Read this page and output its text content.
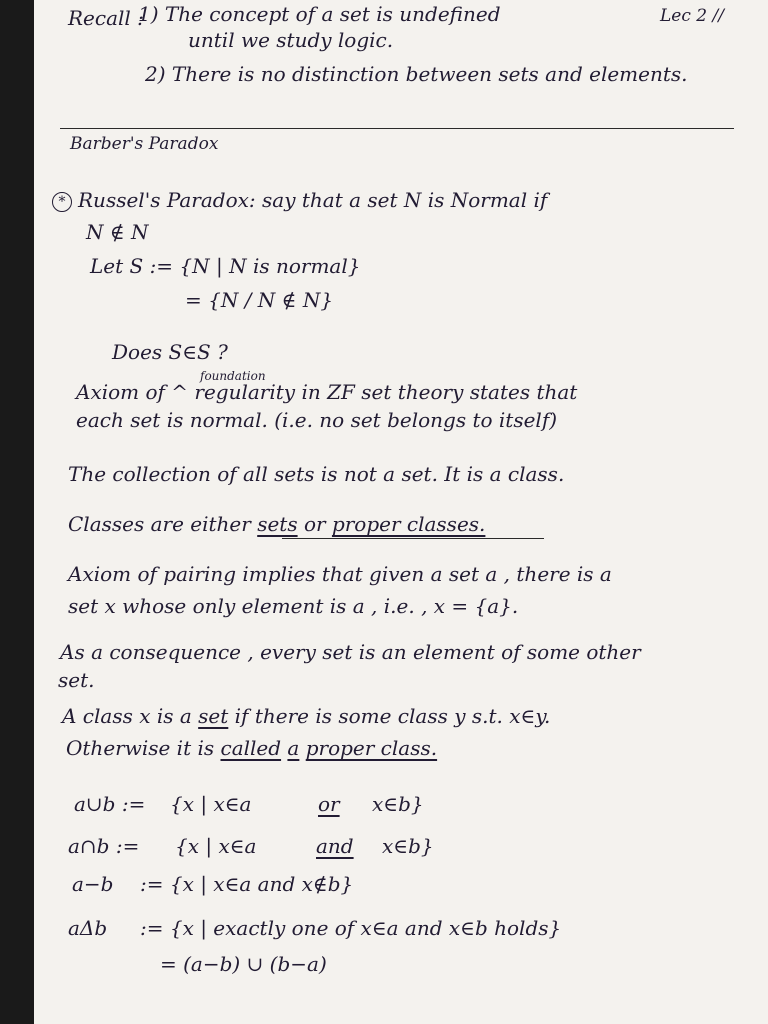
Recall :
1) The concept of a set is undefined	Lec 2 //
until we study logic.
2) There is no distinction between sets and elements.
Barber's Paradox
* Russel's Paradox: say that a set N is Normal if
N ∉ N
Let S := {N | N is normal}
= {N / N ∉ N}
Does S∈S ?
foundation
Axiom of ^ regularity in ZF set theory states that
each set is normal. (i.e. no set belongs to itself)
The collection of all sets is not a set. It is a class.
Classes are either sets or proper classes.
Axiom of pairing implies that given a set a , there is a
set x whose only element is a , i.e. , x = {a}.
As a consequence , every set is an element of some other
set.
A class x is a set if there is some class y s.t. x∈y.
Otherwise it is called a proper class.
a∪b := {x | x∈a	or x∈b}
a∩b := {x | x∈a	and x∈b}
a−b := {x | x∈a and x∉b}
aΔb := {x | exactly one of x∈a and x∈b holds}
= (a−b) ∪ (b−a)
